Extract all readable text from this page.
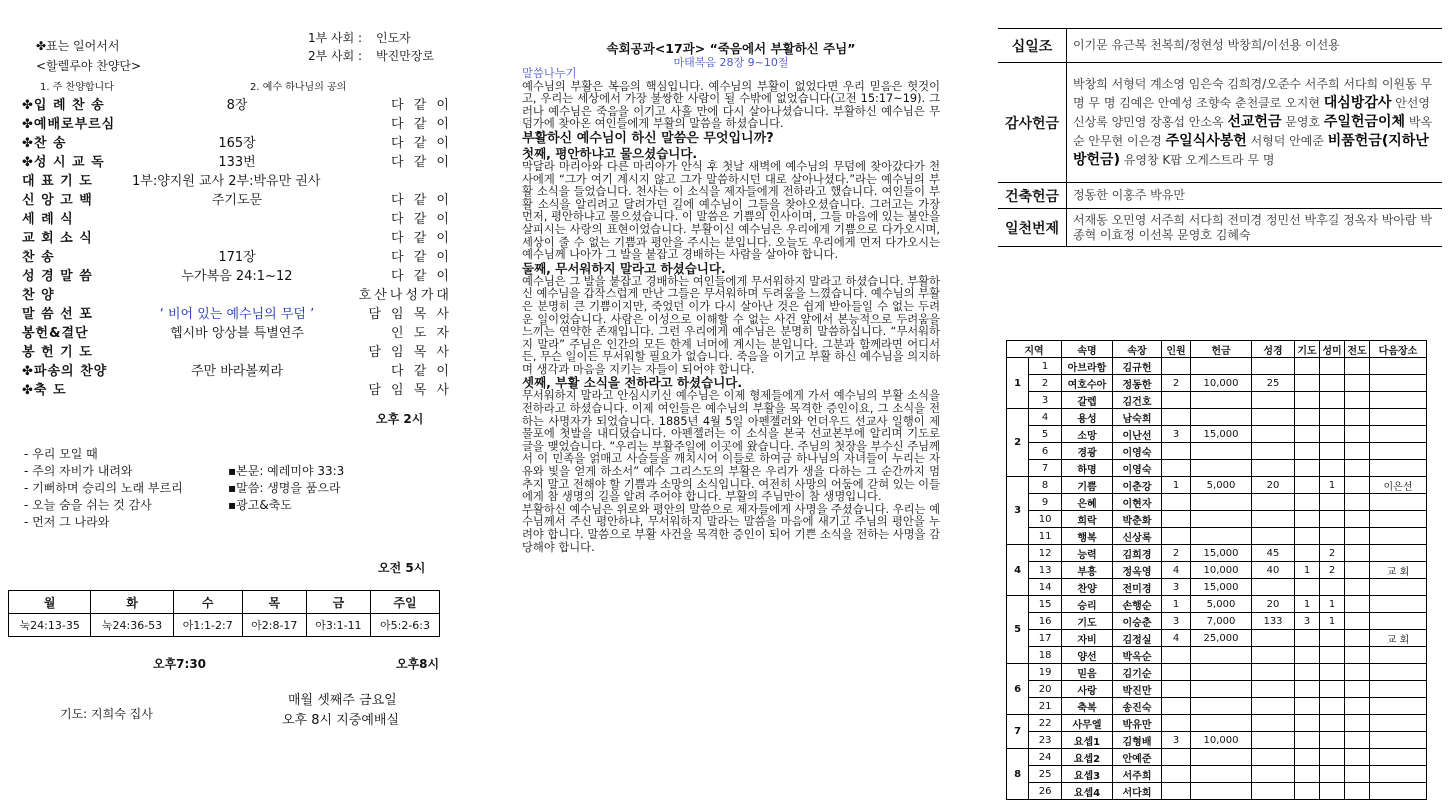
✤표는 일어서서
1부 사회 : 인도자
2부 사회 : 박진만장로
<할렐루야 찬양단>
1. 주 찬양합니다	2. 예수 하나님의 공의
✤입 례 찬 송	8장	다 같 이
✤예배로부르심	다 같 이
✤찬 송	165장	다 같 이
✤성 시 교 독	133번	다 같 이
대 표 기 도	1부:양지원 교사 2부:박유만 권사
신 앙 고 백	주기도문	다 같 이
세 례 식	다 같 이
교 회 소 식	다 같 이
찬 송	171장	다 같 이
성 경 말 씀	누가복음 24:1~12	다 같 이
찬 양	호산나성가대
말 씀 선 포	‘ 비어 있는 예수님의 무덤 ’	담 임 목 사
봉헌&결단	헵시바 앙상블 특별연주	인 도 자
봉 헌 기 도	담 임 목 사
✤파송의 찬양	주만 바라볼찌라	다 같 이
✤축 도	담 임 목 사
오후 2시
- 우리 모일 때
- 주의 자비가 내려와
- 기뻐하며 승리의 노래 부르리
- 오늘 숨을 쉬는 것 감사
- 먼저 그 나라와
▪본문: 예레미야 33:3
▪말씀: 생명을 품으라
▪광고&축도
오전 5시
월	화	수	목	금	주일
눅24:13-35	눅24:36-53	아1:1-2:7	아2:8-17	아3:1-11	아5:2-6:3
오후7:30	오후8시
기도: 지희숙 집사
매월 셋째주 금요일
오후 8시 지중예배실
속회공과<17과> “죽음에서 부활하신 주님”
마태복음 28장 9~10절

말씀나누기

예수님의 부활은 복음의 핵심입니다. 예수님의 부활이 없었다면 우리 믿음은 헛것이고, 우리는 세상에서 가장 불쌍한 사람이 될 수밖에 없었습니다(고전 15:17~19). 그러나 예수님은 죽음을 이기고 사흘 만에 다시 살아나셨습니다. 부활하신 예수님은 무덤가에 찾아온 여인들에게 부활의 말씀을 하셨습니다.

부활하신 예수님이 하신 말씀은 무엇입니까?
첫째, 평안하냐고 물으셨습니다.

막달라 마리아와 다른 마리아가 안식 후 첫날 새벽에 예수님의 무덤에 찾아갔다가 천사에게 “그가 여기 계시지 않고 그가 말씀하시던 대로 살아나셨다.”라는 예수님의 부활 소식을 들었습니다. 천사는 이 소식을 제자들에게 전하라고 했습니다. 여인들이 부활 소식을 알리려고 달려가던 길에 예수님이 그들을 찾아오셨습니다. 그러고는 가장 먼저, 평안하냐고 물으셨습니다. 이 말씀은 기쁨의 인사이며, 그들 마음에 있는 불안을 살피시는 사랑의 표현이었습니다. 부활이신 예수님은 우리에게 기쁨으로 다가오시며, 세상이 줄 수 없는 기쁨과 평안을 주시는 분입니다. 오늘도 우리에게 먼저 다가오시는 예수님께 나아가 그 발을 붙잡고 경배하는 사람을 살아야 합니다.

둘째, 무서워하지 말라고 하셨습니다.

예수님은 그 발을 붙잡고 경배하는 여인들에게 무서워하지 말라고 하셨습니다. 부활하신 예수님을 갑작스럽게 만난 그들은 무서워하며 두려움을 느꼈습니다. 예수님의 부활은 분명히 큰 기쁨이지만, 죽었던 이가 다시 살아난 것은 쉽게 받아들일 수 없는 두려운 일이었습니다. 사람은 이성으로 이해할 수 없는 사건 앞에서 본능적으로 두려움을 느끼는 연약한 존재입니다. 그런 우리에게 예수님은 분명히 말씀하십니다. “무서워하지 말라” 주님은 인간의 모든 한계 너머에 계시는 분입니다. 그분과 함께라면 어디서든, 무슨 일이든 무서워할 필요가 없습니다. 죽음을 이기고 부활 하신 예수님을 의지하며 생각과 마음을 지키는 자들이 되어야 합니다.

셋째, 부활 소식을 전하라고 하셨습니다.

무서워하지 말라고 안심시키신 예수님은 이제 형제들에게 가서 예수님의 부활 소식을 전하라고 하셨습니다. 이제 여인들은 예수님의 부활을 목격한 증인이요, 그 소식을 전하는 사명자가 되었습니다. 1885년 4월 5일 아펜젤러와 언더우드 선교사 일행이 제물포에 첫발을 내디뎠습니다. 아펜젤러는 이 소식을 본국 선교본부에 알리며 기도로 글을 맺었습니다. “우리는 부활주일에 이곳에 왔습니다. 주님의 첫장을 부수신 주님께서 이 민족을 얽매고 사슬들을 깨치시어 이들로 하여금 하나님의 자녀들이 누리는 자유와 빛을 얻게 하소서” 예수 그리스도의 부활은 우리가 생을 다하는 그 순간까지 멈추지 말고 전해야 할 기쁨과 소망의 소식입니다. 여전히 사망의 어둠에 갇혀 있는 이들에게 참 생명의 길을 알려 주어야 합니다. 부활의 주님만이 참 생명입니다.

부활하신 예수님은 위로와 평안의 말씀으로 제자들에게 사명을 주셨습니다. 우리는 예수님께서 주신 평안하냐, 무서워하지 말라는 말씀을 마음에 새기고 주님의 평안을 누려야 합니다. 말씀으로 부활 사건을 목격한 증인이 되어 기쁜 소식을 전하는 사명을 감당해야 합니다.

십일조	이기문 유근복 천복희/정현성 박창희/이선용 이선용
감사헌금	박창희 서형덕 계소영 임은숙 김희경/오준수 서주희 서다희 이원동 무 명 무 명 김예은 안예성 조향숙 춘천클로 오지현 대심방감사 안선영 신상록 양민영 장홍섭 안소옥 선교헌금 문영호 주일헌금이체 박옥순 안무현 이은경 주일식사봉헌 서형덕 안예준 비품헌금(지하난방헌금) 유영창 K팝 오게스트라 무 명
건축헌금	정동한 이홍주 박유만
일천번제	서재동 오민영 서주희 서다희 전미경 정민선 박후길 정옥자 박아람 박종혁 이효정 이선복 문영호 김혜숙
지역		속명	속장	인원	헌금	성경	기도	성미	전도	다음장소
1	1	아브라함	김규헌							
	2	여호수아	정동한	2	10,000	25				
	3	갈렙	김건호							
2	4	용성	남숙희							
	5	소망	이난선	3	15,000					
	6	경광	이영숙							
	7	하명	이영숙							
3	8	기쁨	이춘강	1	5,000	20		1		이은선
	9	은혜	이현자							
	10	희락	박춘화							
	11	행복	신상록							
4	12	능력	김희경	2	15,000	45		2		
	13	부흥	정옥영	4	10,000	40	1	2		교 회
	14	찬양	전미경	3	15,000					
5	15	승리	손행순	1	5,000	20	1	1		
	16	기도	이승춘	3	7,000	133	3	1		
	17	자비	김정실	4	25,000					교 회
	18	양선	박옥순							
6	19	믿음	김기순							
	20	사랑	박진만							
	21	축복	송진숙							
7	22	사무엘	박유만							
	23	요셉1	김형배	3	10,000					
8	24	요셉2	안예준							
	25	요셉3	서주희							
	26	요셉4	서다희							
